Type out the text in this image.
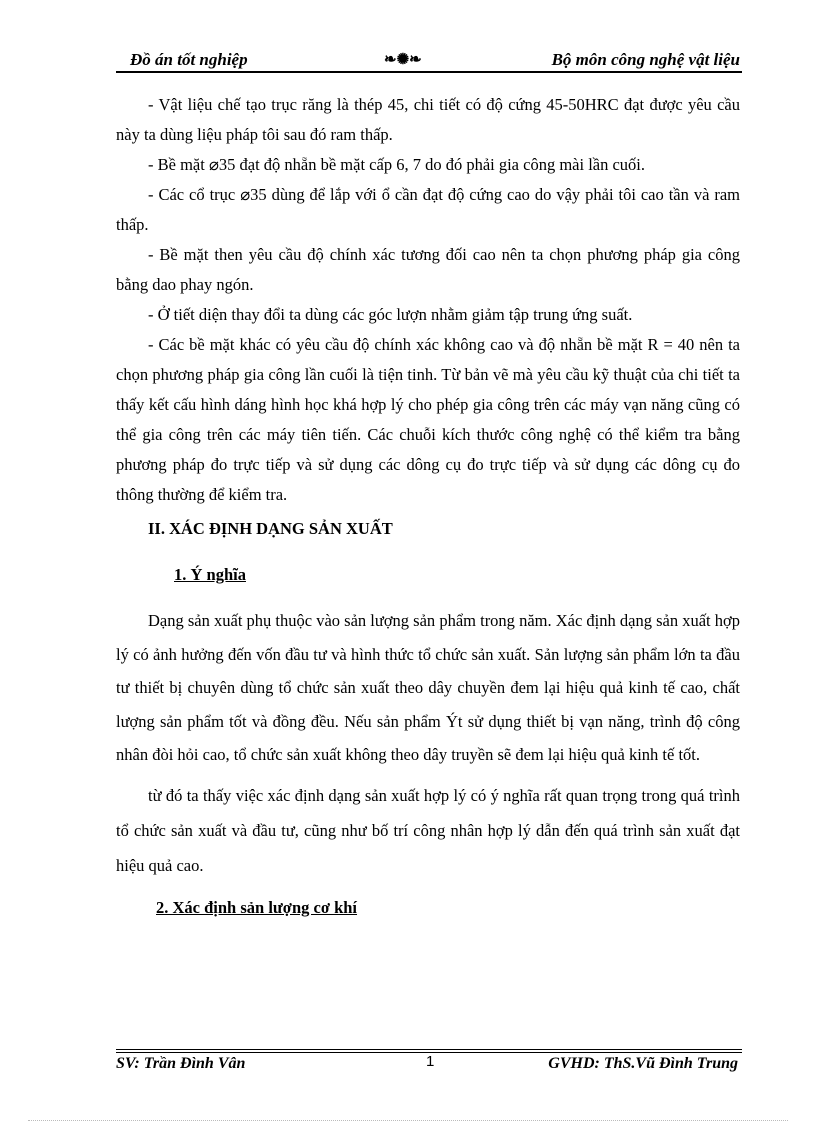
Đồ án tốt nghiệp	❧✺❧	Bộ môn công nghệ vật liệu

- Vật liệu chế tạo trục răng là thép 45, chi tiết có độ cứng 45-50HRC đạt được yêu cầu này ta dùng liệu pháp tôi sau đó ram thấp.

- Bề mặt ⌀35 đạt độ nhẵn bề mặt cấp 6, 7 do đó phải gia công mài lần cuối.

- Các cổ trục ⌀35 dùng để lắp với ổ cần đạt độ cứng cao do vậy phải tôi cao tần và ram thấp.

- Bề mặt then yêu cầu độ chính xác tương đối cao nên ta chọn phương pháp gia công bằng dao phay ngón.

- Ở tiết diện thay đổi ta dùng các góc lượn nhằm giảm tập trung ứng suất.

- Các bề mặt khác có yêu cầu độ chính xác không cao và độ nhẵn bề mặt R = 40 nên ta chọn phương pháp gia công lần cuối là tiện tinh. Từ bản vẽ mà yêu cầu kỹ thuật của chi tiết ta thấy kết cấu hình dáng hình học khá hợp lý cho phép gia công trên các máy vạn năng cũng có thể gia công trên các máy tiên tiến. Các chuỗi kích thước công nghệ có thể kiểm tra bằng phương pháp đo trực tiếp và sử dụng các dông cụ đo trực tiếp và sử dụng các dông cụ đo thông thường để kiểm tra.

II. XÁC ĐỊNH DẠNG SẢN XUẤT

1. Ý nghĩa

Dạng sản xuất phụ thuộc vào sản lượng sản phẩm trong năm. Xác định dạng sản xuất hợp lý có ảnh hưởng đến vốn đầu tư và hình thức tổ chức sản xuất. Sản lượng sản phẩm lớn ta đầu tư thiết bị chuyên dùng tổ chức sản xuất theo dây chuyền đem lại hiệu quả kinh tế cao, chất lượng sản phẩm tốt và đồng đều. Nếu sản phẩm Ýt sử dụng thiết bị vạn năng, trình độ công nhân đòi hỏi cao, tổ chức sản xuất không theo dây truyền sẽ đem lại hiệu quả kinh tế tốt.

từ đó ta thấy việc xác định dạng sản xuất hợp lý có ý nghĩa rất quan trọng trong quá trình tổ chức sản xuất và đầu tư, cũng như bố trí công nhân hợp lý dẫn đến quá trình sản xuất đạt hiệu quả cao.

2. Xác định sản lượng cơ khí

SV: Trần Đình Vân	1	GVHD: ThS.Vũ Đình Trung
